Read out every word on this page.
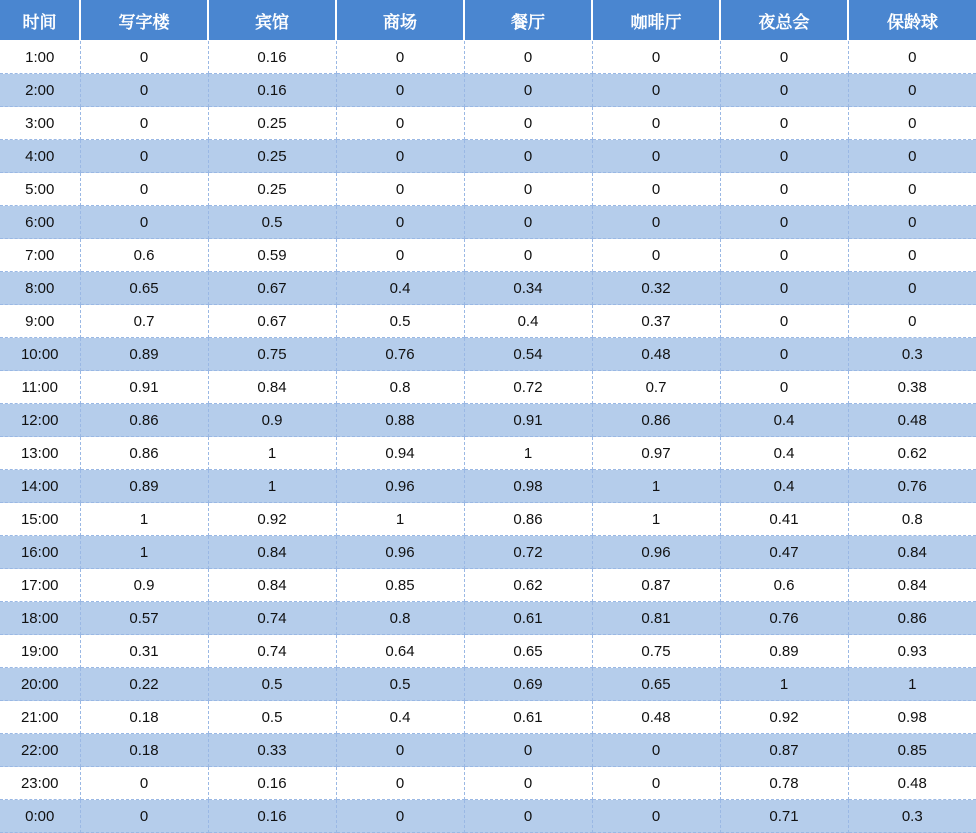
时间	写字楼	宾馆	商场	餐厅	咖啡厅	夜总会	保龄球
1:00	0	0.16	0	0	0	0	0
2:00	0	0.16	0	0	0	0	0
3:00	0	0.25	0	0	0	0	0
4:00	0	0.25	0	0	0	0	0
5:00	0	0.25	0	0	0	0	0
6:00	0	0.5	0	0	0	0	0
7:00	0.6	0.59	0	0	0	0	0
8:00	0.65	0.67	0.4	0.34	0.32	0	0
9:00	0.7	0.67	0.5	0.4	0.37	0	0
10:00	0.89	0.75	0.76	0.54	0.48	0	0.3
11:00	0.91	0.84	0.8	0.72	0.7	0	0.38
12:00	0.86	0.9	0.88	0.91	0.86	0.4	0.48
13:00	0.86	1	0.94	1	0.97	0.4	0.62
14:00	0.89	1	0.96	0.98	1	0.4	0.76
15:00	1	0.92	1	0.86	1	0.41	0.8
16:00	1	0.84	0.96	0.72	0.96	0.47	0.84
17:00	0.9	0.84	0.85	0.62	0.87	0.6	0.84
18:00	0.57	0.74	0.8	0.61	0.81	0.76	0.86
19:00	0.31	0.74	0.64	0.65	0.75	0.89	0.93
20:00	0.22	0.5	0.5	0.69	0.65	1	1
21:00	0.18	0.5	0.4	0.61	0.48	0.92	0.98
22:00	0.18	0.33	0	0	0	0.87	0.85
23:00	0	0.16	0	0	0	0.78	0.48
0:00	0	0.16	0	0	0	0.71	0.3
